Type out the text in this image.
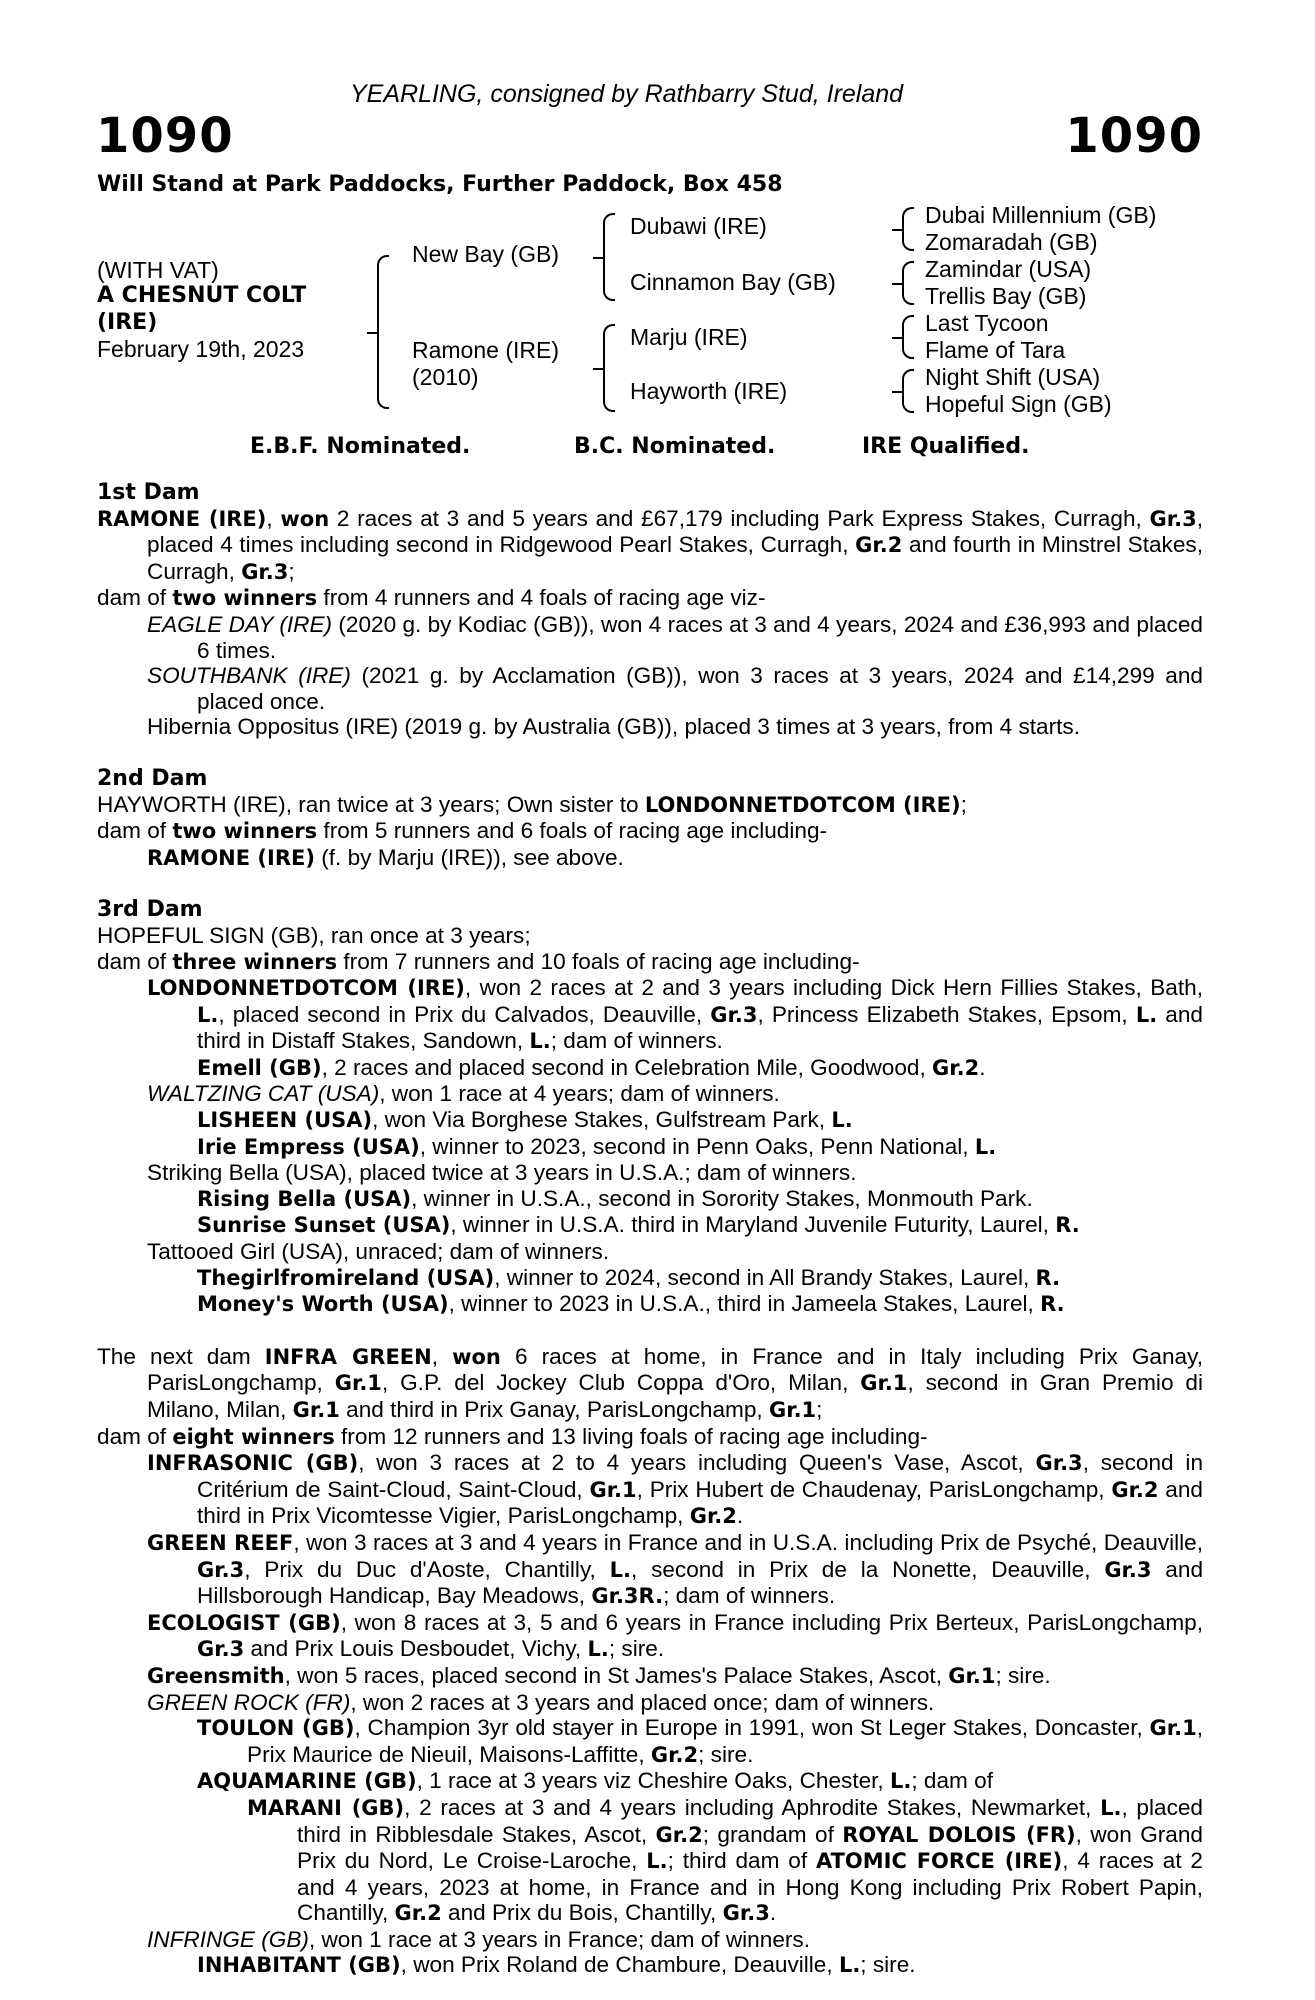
YEARLING, consigned by Rathbarry Stud, Ireland
1090	1090
Will Stand at Park Paddocks, Further Paddock, Box 458
(WITH VAT)
A CHESNUT COLT
(IRE)
February 19th, 2023
New Bay (GB)
Ramone (IRE)
(2010)
Dubawi (IRE)
Cinnamon Bay (GB)
Marju (IRE)
Hayworth (IRE)
Dubai Millennium (GB)
Zomaradah (GB)
Zamindar (USA)
Trellis Bay (GB)
Last Tycoon
Flame of Tara
Night Shift (USA)
Hopeful Sign (GB)
E.B.F. Nominated.	B.C. Nominated.	IRE Qualified.
1st Dam
RAMONE (IRE), won 2 races at 3 and 5 years and £67,179 including Park Express Stakes, Curragh, Gr.3, placed 4 times including second in Ridgewood Pearl Stakes, Curragh, Gr.2 and fourth in Minstrel Stakes, Curragh, Gr.3;
dam of two winners from 4 runners and 4 foals of racing age viz-
EAGLE DAY (IRE) (2020 g. by Kodiac (GB)), won 4 races at 3 and 4 years, 2024 and £36,993 and placed 6 times.
SOUTHBANK (IRE) (2021 g. by Acclamation (GB)), won 3 races at 3 years, 2024 and £14,299 and placed once.
Hibernia Oppositus (IRE) (2019 g. by Australia (GB)), placed 3 times at 3 years, from 4 starts.
2nd Dam
HAYWORTH (IRE), ran twice at 3 years; Own sister to LONDONNETDOTCOM (IRE);
dam of two winners from 5 runners and 6 foals of racing age including-
RAMONE (IRE) (f. by Marju (IRE)), see above.
3rd Dam
HOPEFUL SIGN (GB), ran once at 3 years;
dam of three winners from 7 runners and 10 foals of racing age including-
LONDONNETDOTCOM (IRE), won 2 races at 2 and 3 years including Dick Hern Fillies Stakes, Bath, L., placed second in Prix du Calvados, Deauville, Gr.3, Princess Elizabeth Stakes, Epsom, L. and third in Distaff Stakes, Sandown, L.; dam of winners.
Emell (GB), 2 races and placed second in Celebration Mile, Goodwood, Gr.2.
WALTZING CAT (USA), won 1 race at 4 years; dam of winners.
LISHEEN (USA), won Via Borghese Stakes, Gulfstream Park, L.
Irie Empress (USA), winner to 2023, second in Penn Oaks, Penn National, L.
Striking Bella (USA), placed twice at 3 years in U.S.A.; dam of winners.
Rising Bella (USA), winner in U.S.A., second in Sorority Stakes, Monmouth Park.
Sunrise Sunset (USA), winner in U.S.A. third in Maryland Juvenile Futurity, Laurel, R.
Tattooed Girl (USA), unraced; dam of winners.
Thegirlfromireland (USA), winner to 2024, second in All Brandy Stakes, Laurel, R.
Money's Worth (USA), winner to 2023 in U.S.A., third in Jameela Stakes, Laurel, R.
The next dam INFRA GREEN, won 6 races at home, in France and in Italy including Prix Ganay, ParisLongchamp, Gr.1, G.P. del Jockey Club Coppa d'Oro, Milan, Gr.1, second in Gran Premio di Milano, Milan, Gr.1 and third in Prix Ganay, ParisLongchamp, Gr.1;
dam of eight winners from 12 runners and 13 living foals of racing age including-
INFRASONIC (GB), won 3 races at 2 to 4 years including Queen's Vase, Ascot, Gr.3, second in Critérium de Saint-Cloud, Saint-Cloud, Gr.1, Prix Hubert de Chaudenay, ParisLongchamp, Gr.2 and third in Prix Vicomtesse Vigier, ParisLongchamp, Gr.2.
GREEN REEF, won 3 races at 3 and 4 years in France and in U.S.A. including Prix de Psyché, Deauville, Gr.3, Prix du Duc d'Aoste, Chantilly, L., second in Prix de la Nonette, Deauville, Gr.3 and Hillsborough Handicap, Bay Meadows, Gr.3R.; dam of winners.
ECOLOGIST (GB), won 8 races at 3, 5 and 6 years in France including Prix Berteux, ParisLongchamp, Gr.3 and Prix Louis Desboudet, Vichy, L.; sire.
Greensmith, won 5 races, placed second in St James's Palace Stakes, Ascot, Gr.1; sire.
GREEN ROCK (FR), won 2 races at 3 years and placed once; dam of winners.
TOULON (GB), Champion 3yr old stayer in Europe in 1991, won St Leger Stakes, Doncaster, Gr.1, Prix Maurice de Nieuil, Maisons-Laffitte, Gr.2; sire.
AQUAMARINE (GB), 1 race at 3 years viz Cheshire Oaks, Chester, L.; dam of
MARANI (GB), 2 races at 3 and 4 years including Aphrodite Stakes, Newmarket, L., placed third in Ribblesdale Stakes, Ascot, Gr.2; grandam of ROYAL DOLOIS (FR), won Grand Prix du Nord, Le Croise-Laroche, L.; third dam of ATOMIC FORCE (IRE), 4 races at 2 and 4 years, 2023 at home, in France and in Hong Kong including Prix Robert Papin, Chantilly, Gr.2 and Prix du Bois, Chantilly, Gr.3.
INFRINGE (GB), won 1 race at 3 years in France; dam of winners.
INHABITANT (GB), won Prix Roland de Chambure, Deauville, L.; sire.
